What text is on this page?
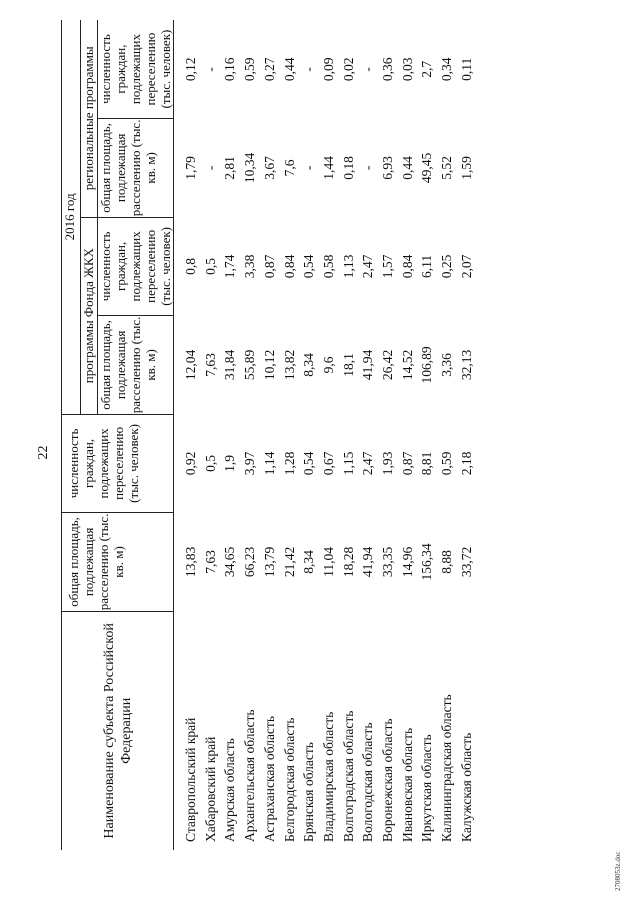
22
Наименование субъекта Российской Федерации	общая площадь, подлежащая расселению (тыс. кв. м)	численность граждан, подлежащих переселению (тыс. человек)	2016 год			
			программы Фонда ЖКХ		региональные программы	
			общая площадь, подлежащая расселению (тыс. кв. м)	численность граждан, подлежащих переселению (тыс. человек)	общая площадь, подлежащая расселению (тыс. кв. м)	численность граждан, подлежащих переселению (тыс. человек)

Ставропольский край	13,83	0,92	12,04	0,8	1,79	0,12
Хабаровский край	7,63	0,5	7,63	0,5	-	-
Амурская область	34,65	1,9	31,84	1,74	2,81	0,16
Архангельская область	66,23	3,97	55,89	3,38	10,34	0,59
Астраханская область	13,79	1,14	10,12	0,87	3,67	0,27
Белгородская область	21,42	1,28	13,82	0,84	7,6	0,44
Брянская область	8,34	0,54	8,34	0,54	-	-
Владимирская область	11,04	0,67	9,6	0,58	1,44	0,09
Волгоградская область	18,28	1,15	18,1	1,13	0,18	0,02
Вологодская область	41,94	2,47	41,94	2,47	-	-
Воронежская область	33,35	1,93	26,42	1,57	6,93	0,36
Ивановская область	14,96	0,87	14,52	0,84	0,44	0,03
Иркутская область	156,34	8,81	106,89	6,11	49,45	2,7
Калининградская область	8,88	0,59	3,36	0,25	5,52	0,34
Калужская область	33,72	2,18	32,13	2,07	1,59	0,11
2708053z.doc
